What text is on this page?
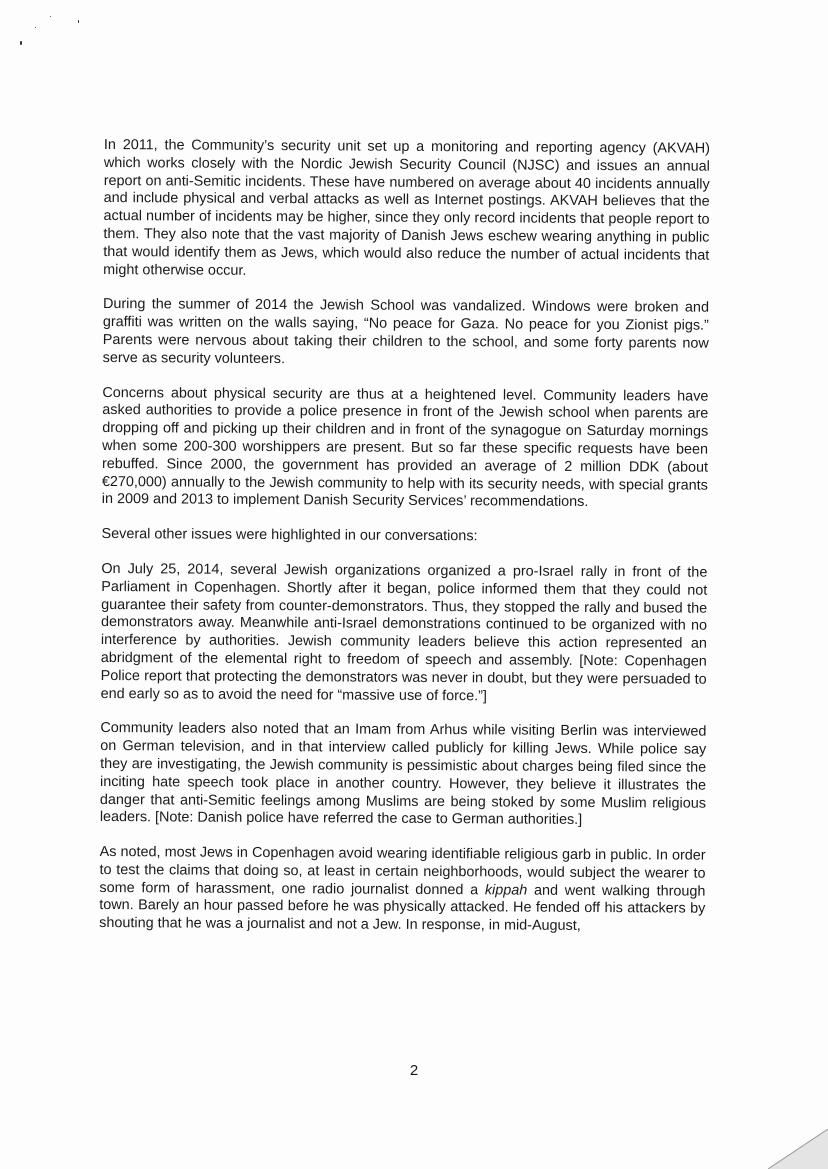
In 2011, the Community’s security unit set up a monitoring and reporting agency (AKVAH) which works closely with the Nordic Jewish Security Council (NJSC) and issues an annual report on anti-Semitic incidents. These have numbered on average about 40 incidents annually and include physical and verbal attacks as well as Internet postings. AKVAH believes that the actual number of incidents may be higher, since they only record incidents that people report to them. They also note that the vast majority of Danish Jews eschew wearing anything in public that would identify them as Jews, which would also reduce the number of actual incidents that might otherwise occur.

During the summer of 2014 the Jewish School was vandalized. Windows were broken and graffiti was written on the walls saying, “No peace for Gaza. No peace for you Zionist pigs.” Parents were nervous about taking their children to the school, and some forty parents now serve as security volunteers.

Concerns about physical security are thus at a heightened level. Community leaders have asked authorities to provide a police presence in front of the Jewish school when parents are dropping off and picking up their children and in front of the synagogue on Saturday mornings when some 200-300 worshippers are present. But so far these specific requests have been rebuffed. Since 2000, the government has provided an average of 2 million DDK (about €270,000) annually to the Jewish community to help with its security needs, with special grants in 2009 and 2013 to implement Danish Security Services’ recommendations.

Several other issues were highlighted in our conversations:

On July 25, 2014, several Jewish organizations organized a pro-Israel rally in front of the Parliament in Copenhagen. Shortly after it began, police informed them that they could not guarantee their safety from counter-demonstrators. Thus, they stopped the rally and bused the demonstrators away. Meanwhile anti-Israel demonstrations continued to be organized with no interference by authorities. Jewish community leaders believe this action represented an abridgment of the elemental right to freedom of speech and assembly. [Note: Copenhagen Police report that protecting the demonstrators was never in doubt, but they were persuaded to end early so as to avoid the need for “massive use of force.”]

Community leaders also noted that an Imam from Arhus while visiting Berlin was interviewed on German television, and in that interview called publicly for killing Jews. While police say they are investigating, the Jewish community is pessimistic about charges being filed since the inciting hate speech took place in another country. However, they believe it illustrates the danger that anti-Semitic feelings among Muslims are being stoked by some Muslim religious leaders. [Note: Danish police have referred the case to German authorities.]

As noted, most Jews in Copenhagen avoid wearing identifiable religious garb in public. In order to test the claims that doing so, at least in certain neighborhoods, would subject the wearer to some form of harassment, one radio journalist donned a kippah and went walking through town. Barely an hour passed before he was physically attacked. He fended off his attackers by shouting that he was a journalist and not a Jew. In response, in mid-August,

2
